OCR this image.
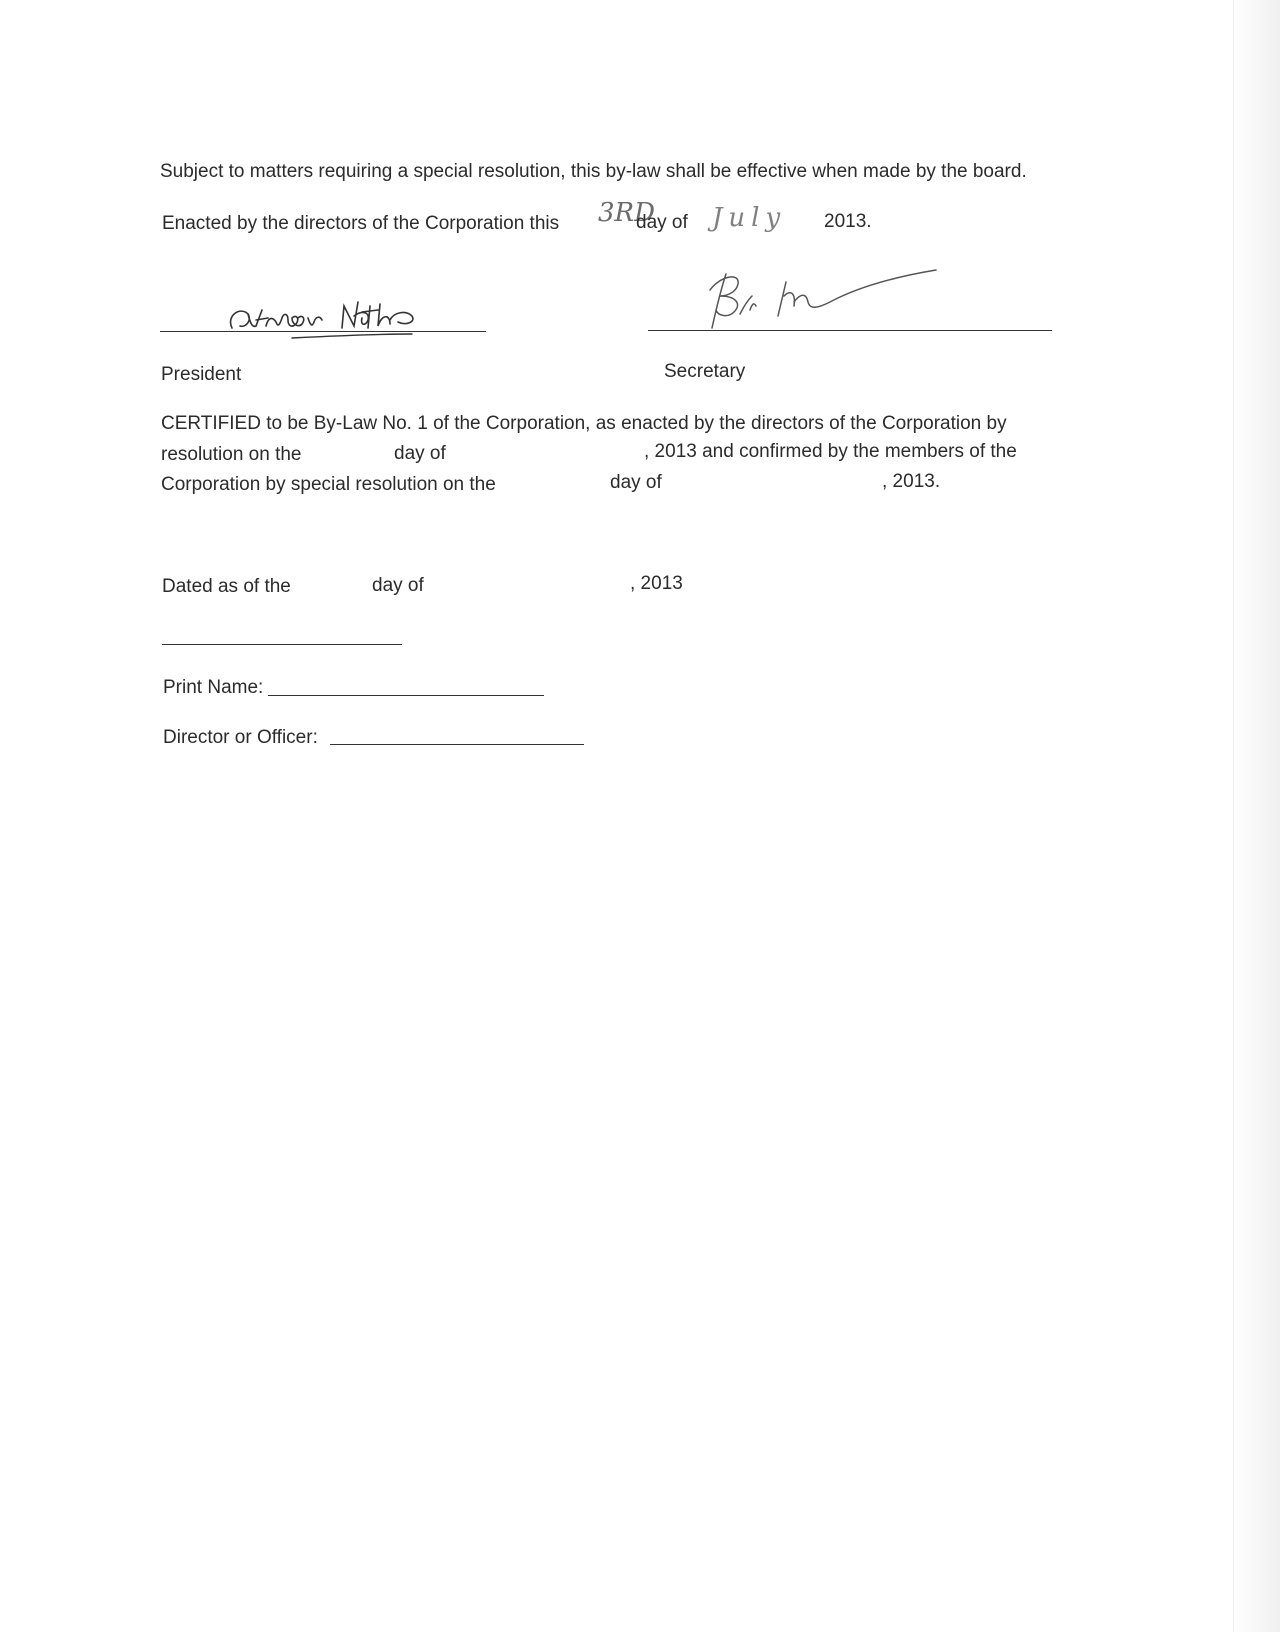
Subject to matters requiring a special resolution, this by-law shall be effective when made by the board.
Enacted by the directors of the Corporation this 3RD
day of July 2013.
President	Secretary
CERTIFIED to be By-Law No. 1 of the Corporation, as enacted by the directors of the Corporation by
resolution on the	day of	, 2013 and confirmed by the members of the
Corporation by special resolution on the	day of	, 2013.
Dated as of the	day of	, 2013
Print Name:
Director or Officer:
